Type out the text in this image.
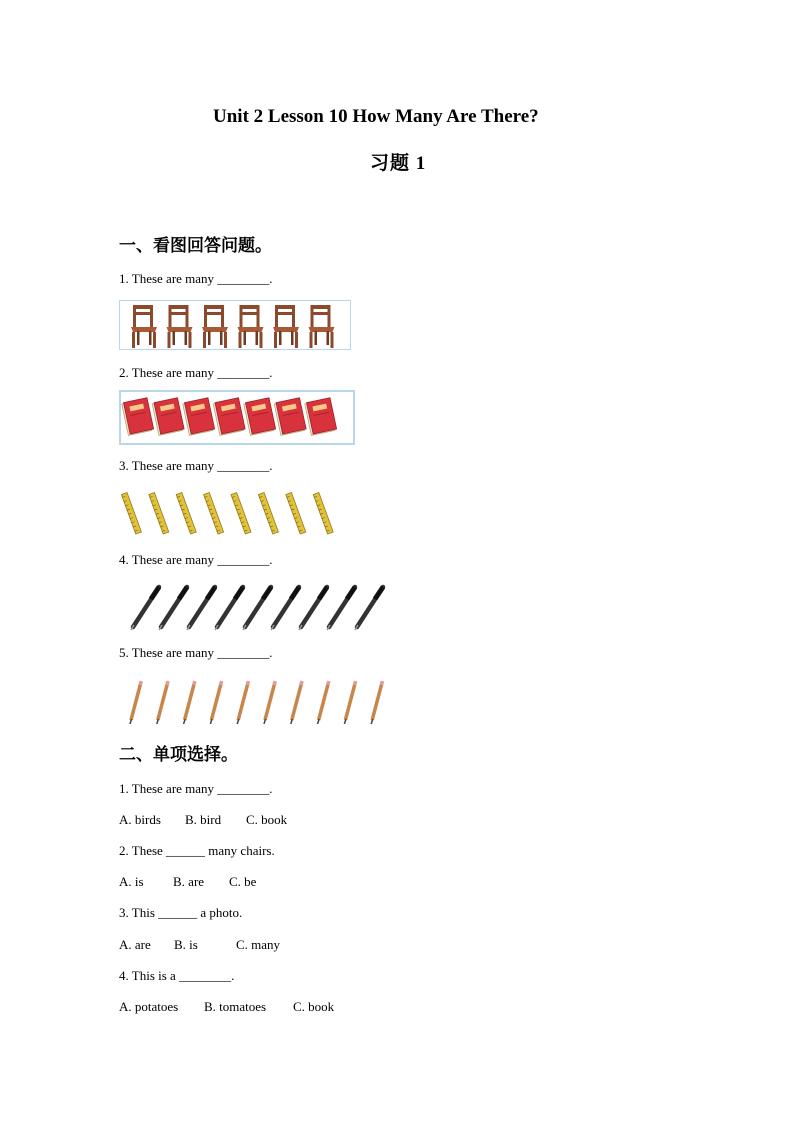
Unit 2 Lesson 10 How Many Are There?
习题 1
一、看图回答问题。
1. These are many ________.
2. These are many ________.
3. These are many ________.
4. These are many ________.
5. These are many ________.
二、单项选择。
1. These are many ________.
A. birds B. bird C. book
2. These ______ many chairs.
A. is B. are C. be
3. This ______ a photo.
A. are B. is	C. many
4. This is a ________.
A. potatoes B. tomatoes C. book
